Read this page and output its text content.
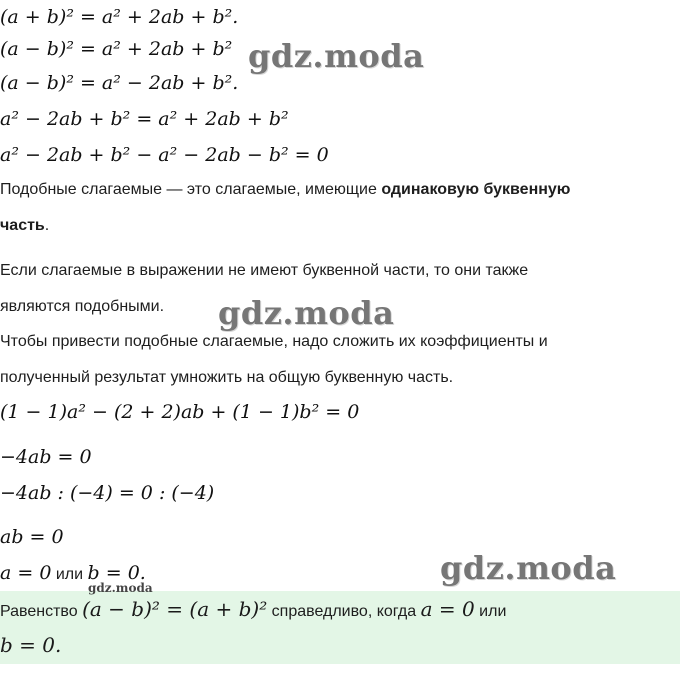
(a + b)² = a² + 2ab + b².
(a − b)² = a² + 2ab + b²
(a − b)² = a² − 2ab + b².
a² − 2ab + b² = a² + 2ab + b²
a² − 2ab + b² − a² − 2ab − b² = 0
Подобные слагаемые — это слагаемые, имеющие одинаковую буквенную
часть.
Если слагаемые в выражении не имеют буквенной части, то они также
являются подобными.
Чтобы привести подобные слагаемые, надо сложить их коэффициенты и
полученный результат умножить на общую буквенную часть.
(1 − 1)a² − (2 + 2)ab + (1 − 1)b² = 0
−4ab = 0
−4ab : (−4) = 0 : (−4)
ab = 0
a = 0 или b = 0.
Равенство (a − b)² = (a + b)² справедливо, когда a = 0 или
b = 0.
gdz.moda
gdz.moda
gdz.moda
gdz.moda
